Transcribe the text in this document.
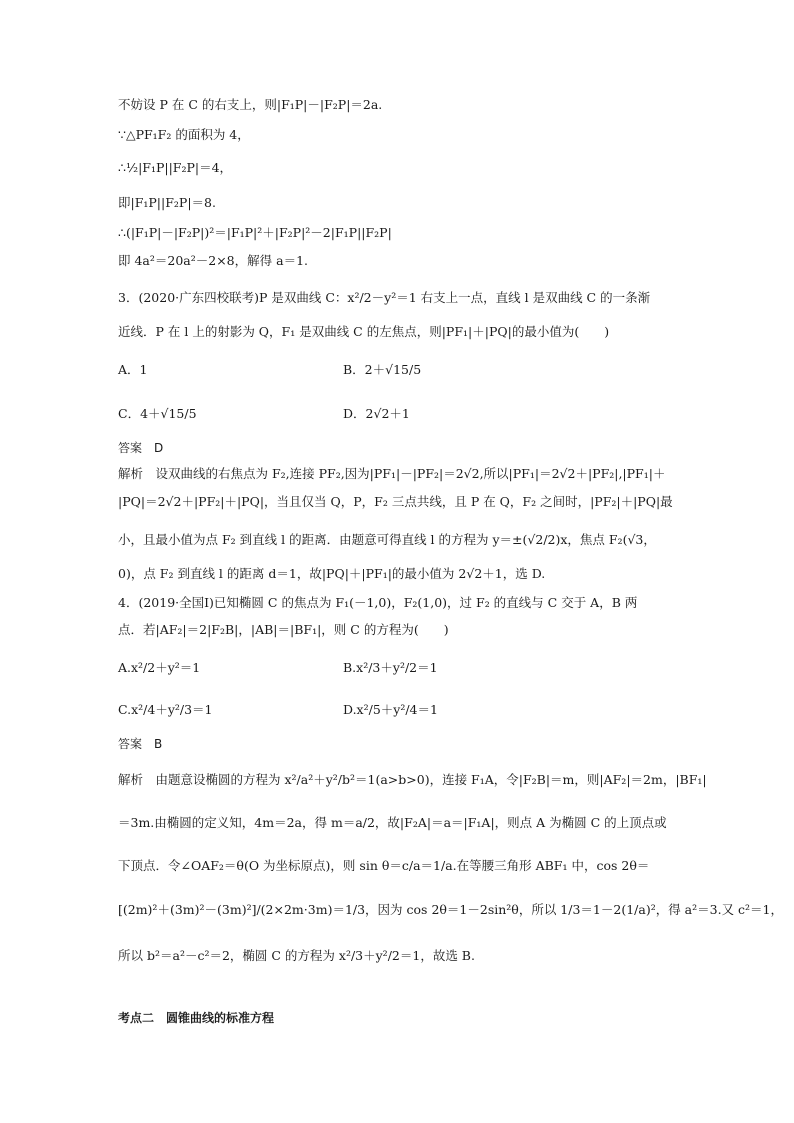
不妨设 P 在 C 的右支上，则|F₁P|－|F₂P|＝2a.
∵△PF₁F₂ 的面积为 4，
∴½|F₁P||F₂P|＝4，
即|F₁P||F₂P|＝8.
∴(|F₁P|－|F₂P|)²＝|F₁P|²＋|F₂P|²－2|F₁P||F₂P|
即 4a²＝20a²－2×8，解得 a＝1.
3．(2020·广东四校联考)P 是双曲线 C：x²/2－y²＝1 右支上一点，直线 l 是双曲线 C 的一条渐
近线．P 在 l 上的射影为 Q，F₁ 是双曲线 C 的左焦点，则|PF₁|＋|PQ|的最小值为(　　)
A．1	B．2＋√15/5
C．4＋√15/5	D．2√2＋1
答案　D
解析　设双曲线的右焦点为 F₂,连接 PF₂,因为|PF₁|－|PF₂|＝2√2,所以|PF₁|＝2√2＋|PF₂|,|PF₁|＋
|PQ|＝2√2＋|PF₂|＋|PQ|，当且仅当 Q，P，F₂ 三点共线，且 P 在 Q，F₂ 之间时，|PF₂|＋|PQ|最
小，且最小值为点 F₂ 到直线 l 的距离．由题意可得直线 l 的方程为 y＝±(√2/2)x，焦点 F₂(√3，
0)，点 F₂ 到直线 l 的距离 d＝1，故|PQ|＋|PF₁|的最小值为 2√2＋1，选 D.
4．(2019·全国Ⅰ)已知椭圆 C 的焦点为 F₁(－1,0)，F₂(1,0)，过 F₂ 的直线与 C 交于 A，B 两
点．若|AF₂|＝2|F₂B|，|AB|＝|BF₁|，则 C 的方程为(　　)
A.x²/2＋y²＝1	B.x²/3＋y²/2＝1
C.x²/4＋y²/3＝1	D.x²/5＋y²/4＝1
答案　B
解析　由题意设椭圆的方程为 x²/a²＋y²/b²＝1(a>b>0)，连接 F₁A，令|F₂B|＝m，则|AF₂|＝2m，|BF₁|
＝3m.由椭圆的定义知，4m＝2a，得 m＝a/2，故|F₂A|＝a＝|F₁A|，则点 A 为椭圆 C 的上顶点或
下顶点．令∠OAF₂＝θ(O 为坐标原点)，则 sin θ＝c/a＝1/a.在等腰三角形 ABF₁ 中，cos 2θ＝
[(2m)²＋(3m)²－(3m)²]/(2×2m·3m)＝1/3，因为 cos 2θ＝1－2sin²θ，所以 1/3＝1－2(1/a)²，得 a²＝3.又 c²＝1，
所以 b²＝a²－c²＝2，椭圆 C 的方程为 x²/3＋y²/2＝1，故选 B.
考点二　圆锥曲线的标准方程
